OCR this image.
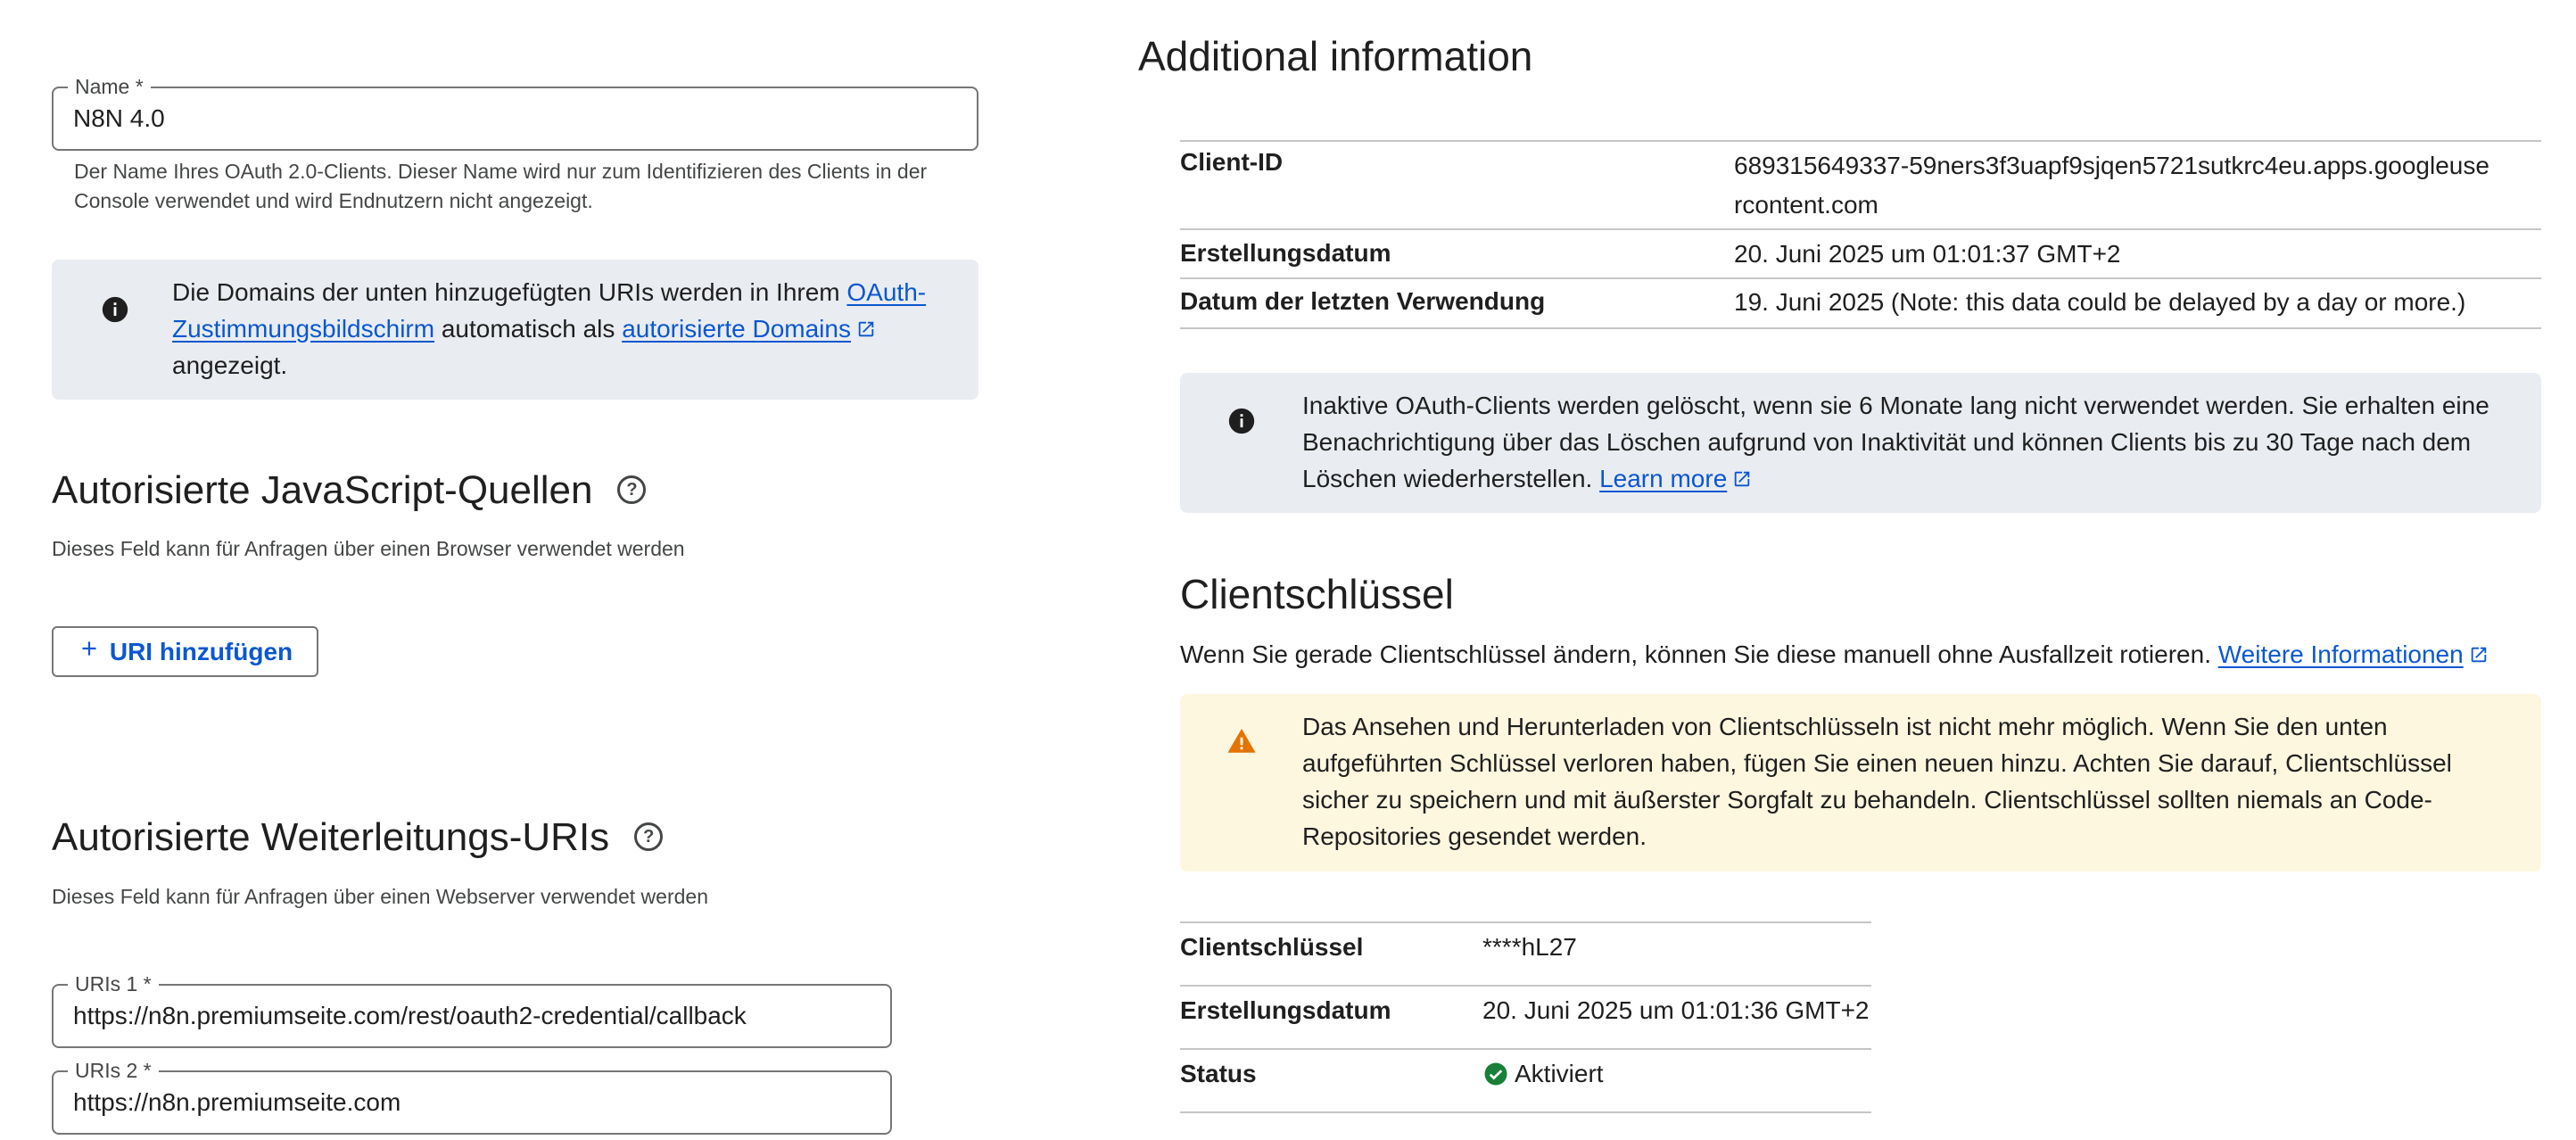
Name *
N8N 4.0
Der Name Ihres OAuth 2.0-Clients. Dieser Name wird nur zum Identifizieren des Clients in der Console verwendet und wird Endnutzern nicht angezeigt.
Die Domains der unten hinzugefügten URIs werden in Ihrem OAuth-Zustimmungsbildschirm automatisch als autorisierte Domains angezeigt.
Autorisierte JavaScript-Quellen ?
Dieses Feld kann für Anfragen über einen Browser verwendet werden
URI hinzufügen
Autorisierte Weiterleitungs-URIs ?
Dieses Feld kann für Anfragen über einen Webserver verwendet werden
URIs 1 *
https://n8n.premiumseite.com/rest/oauth2-credential/callback
URIs 2 *
https://n8n.premiumseite.com
Additional information
Client-ID	689315649337-59ners3f3uapf9sjqen5721sutkrc4eu.apps.googleusercontent.com
Erstellungsdatum	20. Juni 2025 um 01:01:37 GMT+2
Datum der letzten Verwendung	19. Juni 2025 (Note: this data could be delayed by a day or more.)
Inaktive OAuth-Clients werden gelöscht, wenn sie 6 Monate lang nicht verwendet werden. Sie erhalten eine Benachrichtigung über das Löschen aufgrund von Inaktivität und können Clients bis zu 30 Tage nach dem Löschen wiederherstellen. Learn more
Clientschlüssel
Wenn Sie gerade Clientschlüssel ändern, können Sie diese manuell ohne Ausfallzeit rotieren. Weitere Informationen
Das Ansehen und Herunterladen von Clientschlüsseln ist nicht mehr möglich. Wenn Sie den unten aufgeführten Schlüssel verloren haben, fügen Sie einen neuen hinzu. Achten Sie darauf, Clientschlüssel sicher zu speichern und mit äußerster Sorgfalt zu behandeln. Clientschlüssel sollten niemals an Code-Repositories gesendet werden.
Clientschlüssel	****hL27
Erstellungsdatum	20. Juni 2025 um 01:01:36 GMT+2
Status	Aktiviert
